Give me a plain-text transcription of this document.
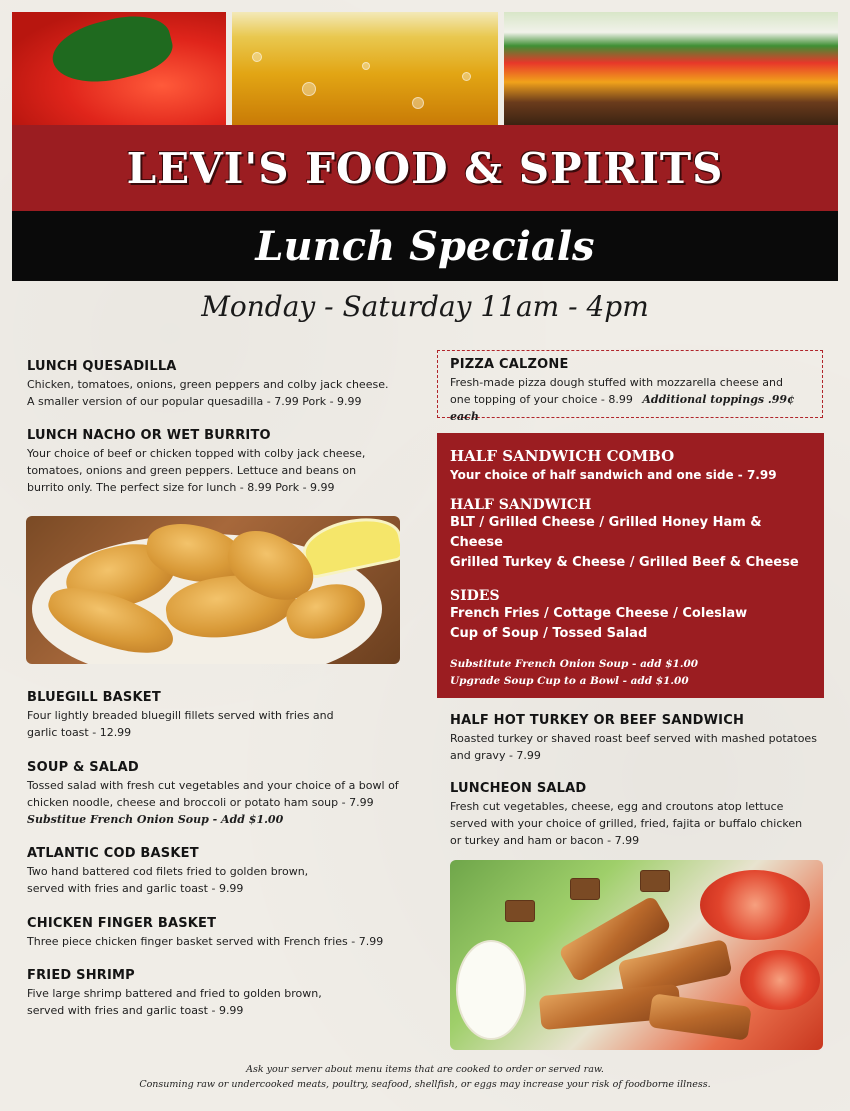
LEVI'S FOOD & SPIRITS
Lunch Specials
Monday - Saturday 11am - 4pm
LUNCH QUESADILLA
Chicken, tomatoes, onions, green peppers and colby jack cheese.
A smaller version of our popular quesadilla - 7.99 Pork - 9.99
LUNCH NACHO OR WET BURRITO
Your choice of beef or chicken topped with colby jack cheese,
tomatoes, onions and green peppers. Lettuce and beans on
burrito only. The perfect size for lunch - 8.99 Pork - 9.99
BLUEGILL BASKET
Four lightly breaded bluegill fillets served with fries and
garlic toast - 12.99
SOUP & SALAD
Tossed salad with fresh cut vegetables and your choice of a bowl of
chicken noodle, cheese and broccoli or potato ham soup - 7.99
Substitue French Onion Soup - Add $1.00
ATLANTIC COD BASKET
Two hand battered cod filets fried to golden brown,
served with fries and garlic toast - 9.99
CHICKEN FINGER BASKET
Three piece chicken finger basket served with French fries - 7.99
FRIED SHRIMP
Five large shrimp battered and fried to golden brown,
served with fries and garlic toast - 9.99
PIZZA CALZONE
Fresh-made pizza dough stuffed with mozzarella cheese and
one topping of your choice - 8.99 Additional toppings .99¢ each
HALF SANDWICH COMBO
Your choice of half sandwich and one side - 7.99
HALF SANDWICH
BLT / Grilled Cheese / Grilled Honey Ham & Cheese
Grilled Turkey & Cheese / Grilled Beef & Cheese
SIDES
French Fries / Cottage Cheese / Coleslaw
Cup of Soup / Tossed Salad
Substitute French Onion Soup - add $1.00
Upgrade Soup Cup to a Bowl - add $1.00
HALF HOT TURKEY OR BEEF SANDWICH
Roasted turkey or shaved roast beef served with mashed potatoes
and gravy - 7.99
LUNCHEON SALAD
Fresh cut vegetables, cheese, egg and croutons atop lettuce
served with your choice of grilled, fried, fajita or buffalo chicken
or turkey and ham or bacon - 7.99
Ask your server about menu items that are cooked to order or served raw.
Consuming raw or undercooked meats, poultry, seafood, shellfish, or eggs may increase your risk of foodborne illness.
